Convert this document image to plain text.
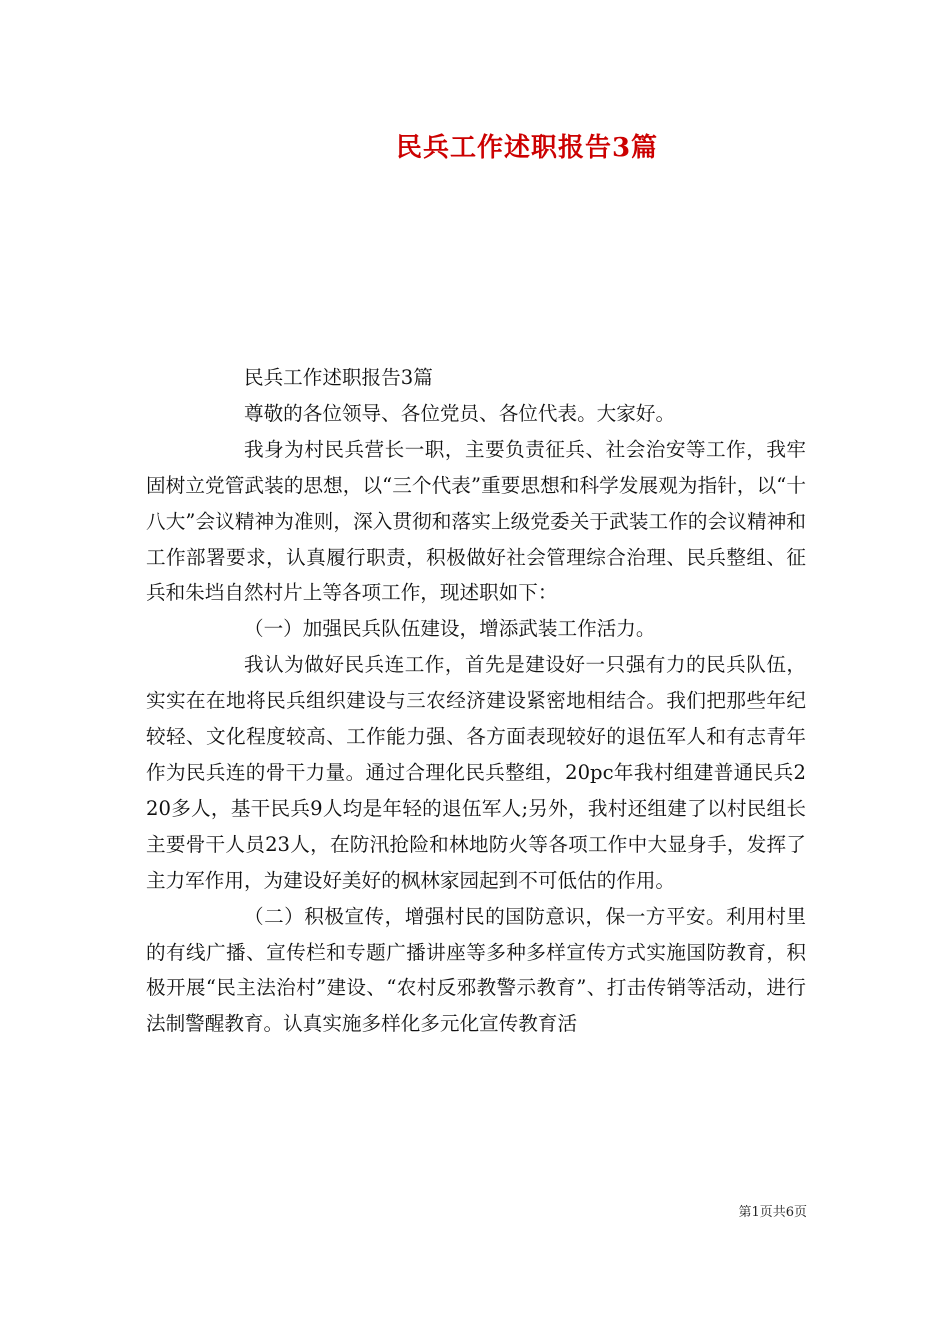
民兵工作述职报告3篇

民兵工作述职报告3篇

尊敬的各位领导、各位党员、各位代表。大家好。

我身为村民兵营长一职，主要负责征兵、社会治安等工作，我牢固树立党管武装的思想，以“三个代表”重要思想和科学发展观为指针，以“十八大”会议精神为准则，深入贯彻和落实上级党委关于武装工作的会议精神和工作部署要求，认真履行职责，积极做好社会管理综合治理、民兵整组、征兵和朱垱自然村片上等各项工作，现述职如下：

（一）加强民兵队伍建设，增添武装工作活力。

我认为做好民兵连工作，首先是建设好一只强有力的民兵队伍，实实在在地将民兵组织建设与三农经济建设紧密地相结合。我们把那些年纪较轻、文化程度较高、工作能力强、各方面表现较好的退伍军人和有志青年作为民兵连的骨干力量。通过合理化民兵整组，20pc年我村组建普通民兵220多人，基干民兵9人均是年轻的退伍军人;另外，我村还组建了以村民组长主要骨干人员23人，在防汛抢险和林地防火等各项工作中大显身手，发挥了主力军作用，为建设好美好的枫林家园起到不可低估的作用。

（二）积极宣传，增强村民的国防意识，保一方平安。利用村里的有线广播、宣传栏和专题广播讲座等多种多样宣传方式实施国防教育，积极开展“民主法治村”建设、“农村反邪教警示教育”、打击传销等活动，进行法制警醒教育。认真实施多样化多元化宣传教育活

第1页共6页
